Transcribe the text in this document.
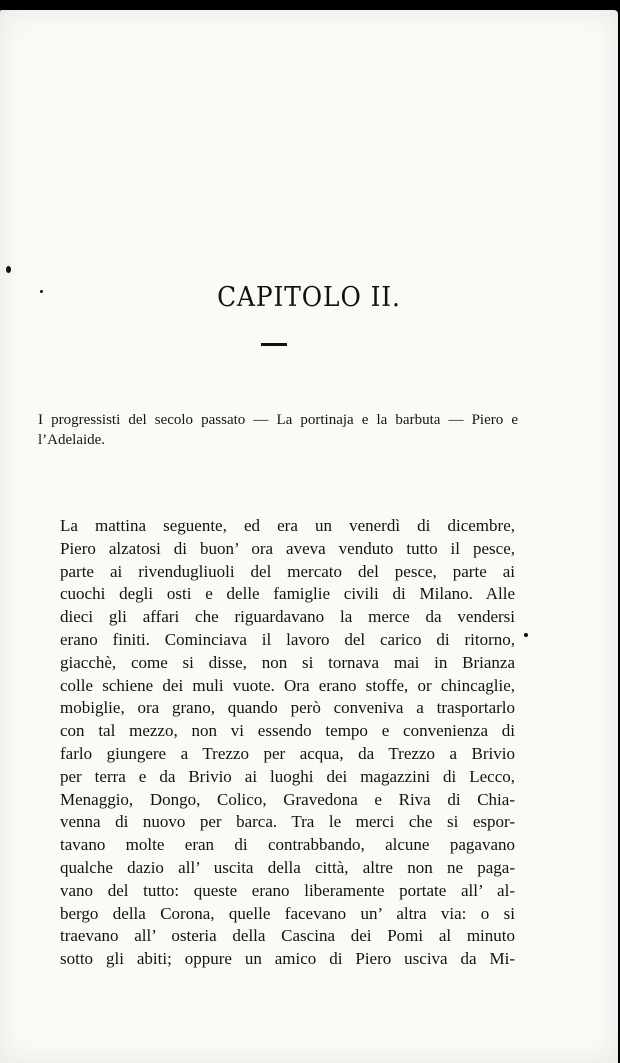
CAPITOLO II.
I progressisti del secolo passato — La portinaja e la barbuta — Piero e
l’Adelaide.
La mattina seguente, ed era un venerdì di dicembre,
Piero alzatosi di buon’ ora aveva venduto tutto il pesce,
parte ai rivendugliuoli del mercato del pesce, parte ai
cuochi degli osti e delle famiglie civili di Milano. Alle
dieci gli affari che riguardavano la merce da vendersi
erano finiti. Cominciava il lavoro del carico di ritorno,
giacchè, come si disse, non si tornava mai in Brianza
colle schiene dei muli vuote. Ora erano stoffe, or chincaglie,
mobiglie, ora grano, quando però conveniva a trasportarlo
con tal mezzo, non vi essendo tempo e convenienza di
farlo giungere a Trezzo per acqua, da Trezzo a Brivio
per terra e da Brivio ai luoghi dei magazzini di Lecco,
Menaggio, Dongo, Colico, Gravedona e Riva di Chia-
venna di nuovo per barca. Tra le merci che si espor-
tavano molte eran di contrabbando, alcune pagavano
qualche dazio all’ uscita della città, altre non ne paga-
vano del tutto: queste erano liberamente portate all’ al-
bergo della Corona, quelle facevano un’ altra via: o si
traevano all’ osteria della Cascina dei Pomi al minuto
sotto gli abiti; oppure un amico di Piero usciva da Mi-
